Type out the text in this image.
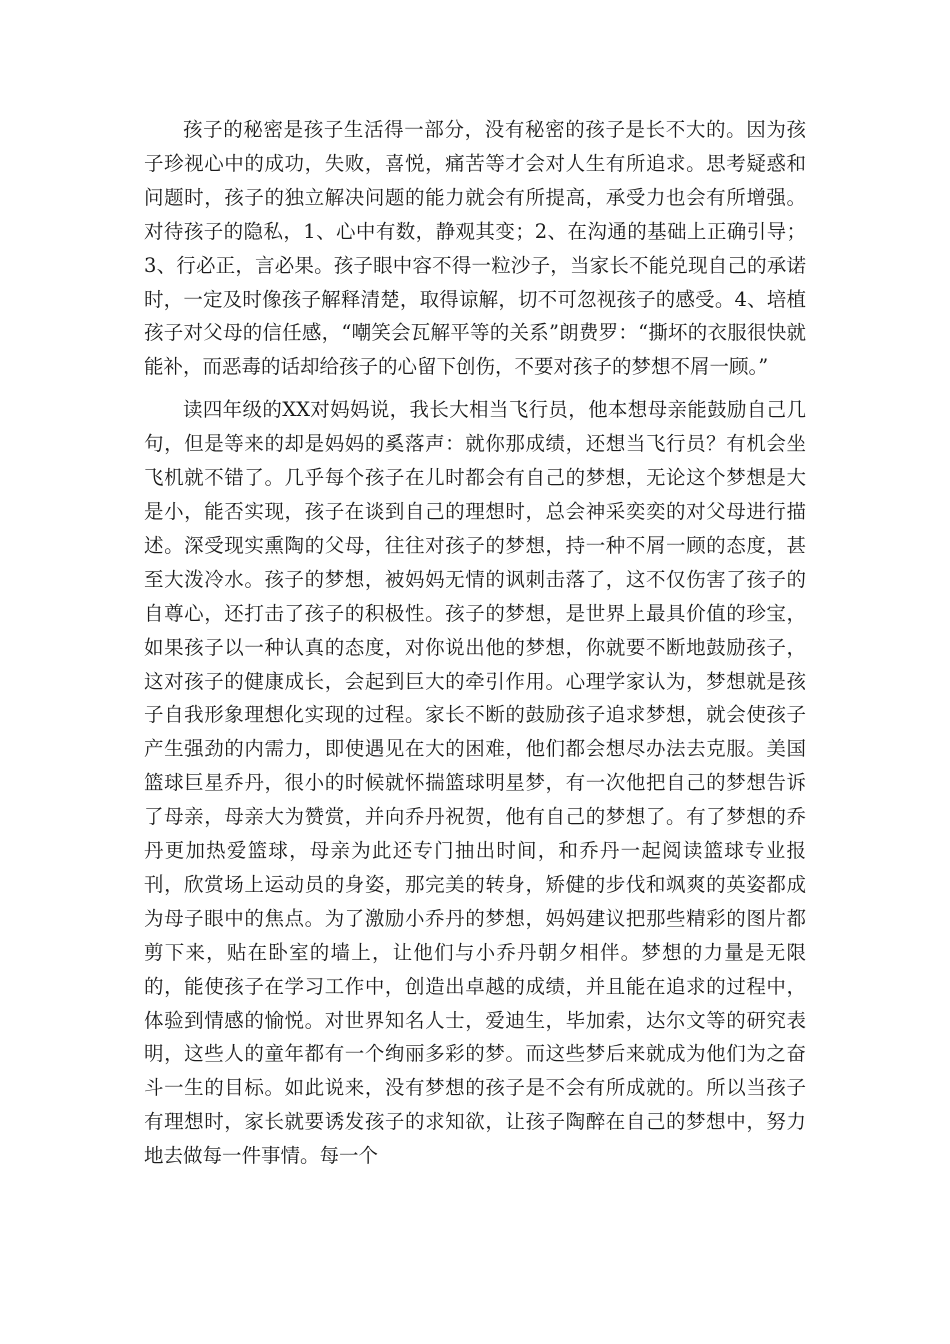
孩子的秘密是孩子生活得一部分，没有秘密的孩子是长不大的。因为孩子珍视心中的成功，失败，喜悦，痛苦等才会对人生有所追求。思考疑惑和问题时，孩子的独立解决问题的能力就会有所提高，承受力也会有所增强。对待孩子的隐私，1、心中有数，静观其变；2、在沟通的基础上正确引导；3、行必正，言必果。孩子眼中容不得一粒沙子，当家长不能兑现自己的承诺时，一定及时像孩子解释清楚，取得谅解，切不可忽视孩子的感受。4、培植孩子对父母的信任感，“嘲笑会瓦解平等的关系”朗费罗：“撕坏的衣服很快就能补，而恶毒的话却给孩子的心留下创伤，不要对孩子的梦想不屑一顾。”

读四年级的XX对妈妈说，我长大相当飞行员，他本想母亲能鼓励自己几句，但是等来的却是妈妈的奚落声：就你那成绩，还想当飞行员？有机会坐飞机就不错了。几乎每个孩子在儿时都会有自己的梦想，无论这个梦想是大是小，能否实现，孩子在谈到自己的理想时，总会神采奕奕的对父母进行描述。深受现实熏陶的父母，往往对孩子的梦想，持一种不屑一顾的态度，甚至大泼冷水。孩子的梦想，被妈妈无情的讽刺击落了，这不仅伤害了孩子的自尊心，还打击了孩子的积极性。孩子的梦想，是世界上最具价值的珍宝，如果孩子以一种认真的态度，对你说出他的梦想，你就要不断地鼓励孩子，这对孩子的健康成长，会起到巨大的牵引作用。心理学家认为，梦想就是孩子自我形象理想化实现的过程。家长不断的鼓励孩子追求梦想，就会使孩子产生强劲的内需力，即使遇见在大的困难，他们都会想尽办法去克服。美国篮球巨星乔丹，很小的时候就怀揣篮球明星梦，有一次他把自己的梦想告诉了母亲，母亲大为赞赏，并向乔丹祝贺，他有自己的梦想了。有了梦想的乔丹更加热爱篮球，母亲为此还专门抽出时间，和乔丹一起阅读篮球专业报刊，欣赏场上运动员的身姿，那完美的转身，矫健的步伐和飒爽的英姿都成为母子眼中的焦点。为了激励小乔丹的梦想，妈妈建议把那些精彩的图片都剪下来，贴在卧室的墙上，让他们与小乔丹朝夕相伴。梦想的力量是无限的，能使孩子在学习工作中，创造出卓越的成绩，并且能在追求的过程中，体验到情感的愉悦。对世界知名人士，爱迪生，毕加索，达尔文等的研究表明，这些人的童年都有一个绚丽多彩的梦。而这些梦后来就成为他们为之奋斗一生的目标。如此说来，没有梦想的孩子是不会有所成就的。所以当孩子有理想时，家长就要诱发孩子的求知欲，让孩子陶醉在自己的梦想中，努力地去做每一件事情。每一个
